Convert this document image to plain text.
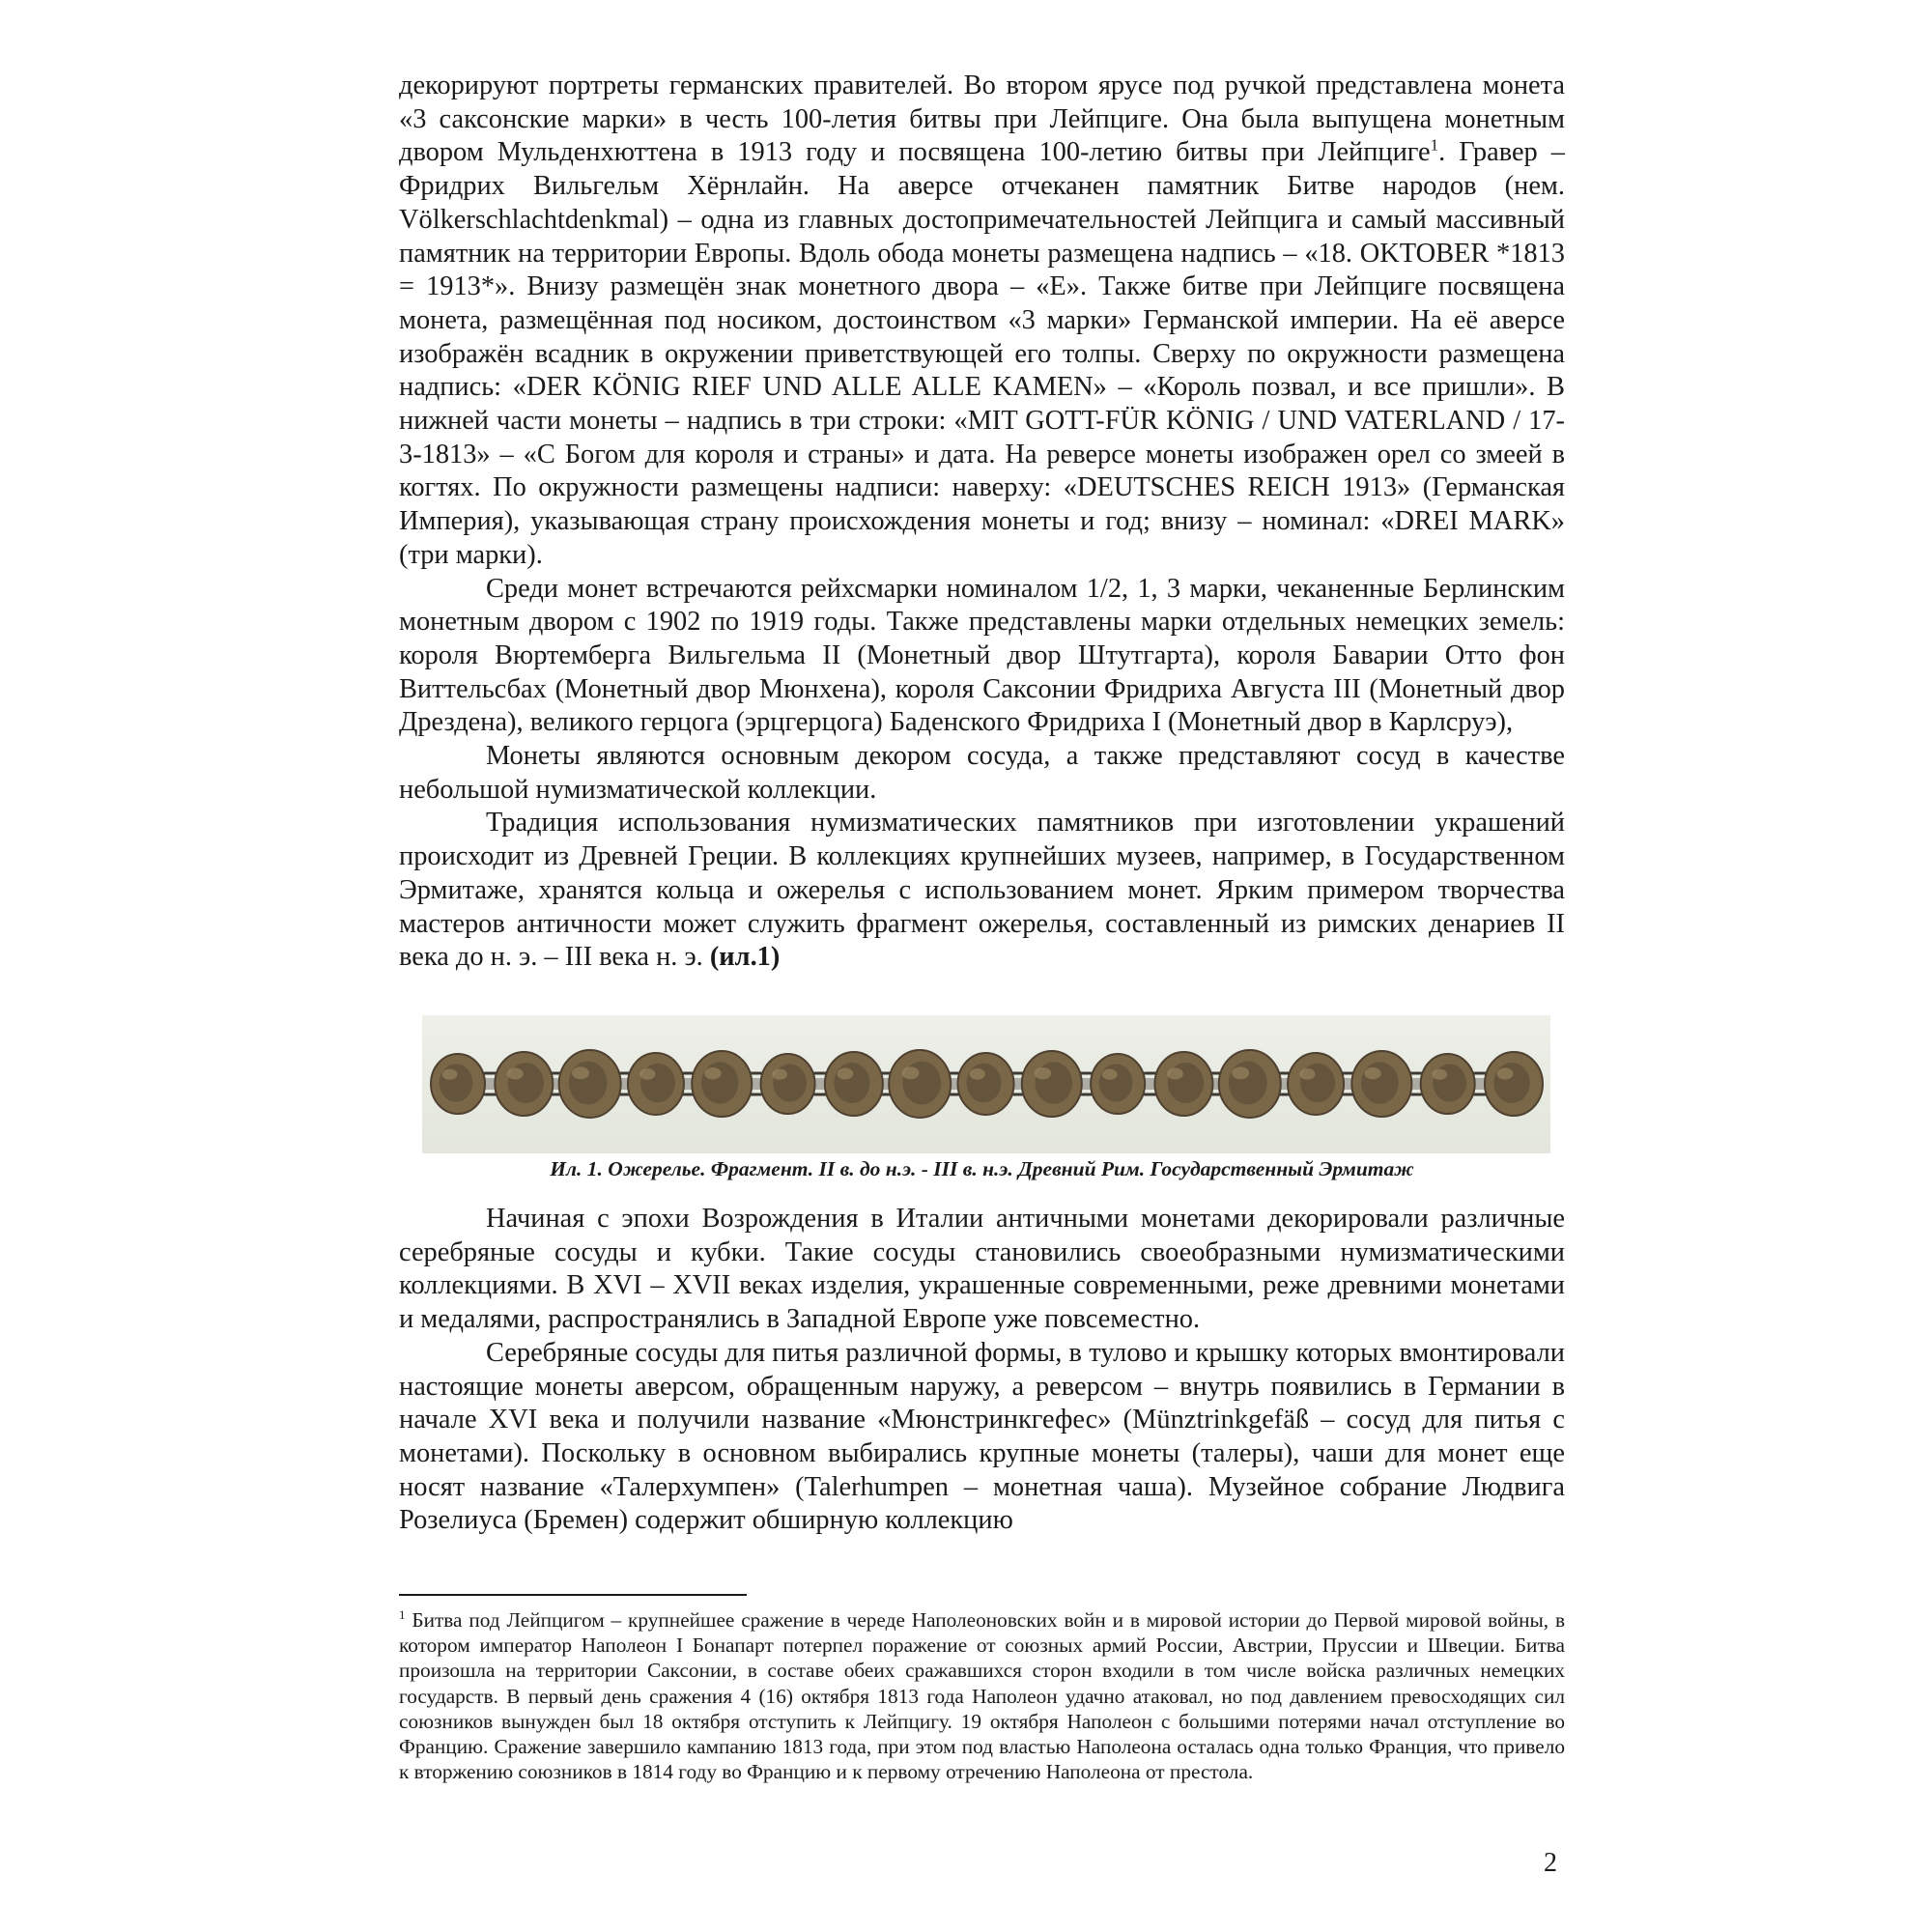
декорируют портреты германских правителей. Во втором ярусе под ручкой представлена монета «3 саксонские марки» в честь 100-летия битвы при Лейпциге. Она была выпущена монетным двором Мульденхюттена в 1913 году и посвящена 100-летию битвы при Лейпциге$^1$. Гравер – Фридрих Вильгельм Хёрнлайн. На аверсе отчеканен памятник Битве народов (нем. Völkerschlachtdenkmal) – одна из главных достопримечательностей Лейпцига и самый массивный памятник на территории Европы. Вдоль обода монеты размещена надпись – «18. OKTOBER *1813 = 1913*». Внизу размещён знак монетного двора – «Е». Также битве при Лейпциге посвящена монета, размещённая под носиком, достоинством «3 марки» Германской империи. На её аверсе изображён всадник в окружении приветствующей его толпы. Сверху по окружности размещена надпись: «DER KÖNIG RIEF UND ALLE ALLE KAMEN» – «Король позвал, и все пришли». В нижней части монеты – надпись в три строки: «MIT GOTT-FÜR KÖNIG / UND VATERLAND / 17-3-1813» – «С Богом для короля и страны» и дата. На реверсе монеты изображен орел со змеей в когтях. По окружности размещены надписи: наверху: «DEUTSCHES REICH 1913» (Германская Империя), указывающая страну происхождения монеты и год; внизу – номинал: «DREI MARK» (три марки).

Среди монет встречаются рейхсмарки номиналом 1/2, 1, 3 марки, чеканенные Берлинским монетным двором с 1902 по 1919 годы. Также представлены марки отдельных немецких земель: короля Вюртемберга Вильгельма II (Монетный двор Штутгарта), короля Баварии Отто фон Виттельсбах (Монетный двор Мюнхена), короля Саксонии Фридриха Августа III (Монетный двор Дрездена), великого герцога (эрцгерцога) Баденского Фридриха I (Монетный двор в Карлсруэ),

Монеты являются основным декором сосуда, а также представляют сосуд в качестве небольшой нумизматической коллекции.

Традиция использования нумизматических памятников при изготовлении украшений происходит из Древней Греции. В коллекциях крупнейших музеев, например, в Государственном Эрмитаже, хранятся кольца и ожерелья с использованием монет. Ярким примером творчества мастеров античности может служить фрагмент ожерелья, составленный из римских денариев II века до н. э. – III века н. э. (ил.1)

Ил. 1. Ожерелье. Фрагмент. II в. до н.э. - III в. н.э. Древний Рим. Государственный Эрмитаж

Начиная с эпохи Возрождения в Италии античными монетами декорировали различные серебряные сосуды и кубки. Такие сосуды становились своеобразными нумизматическими коллекциями. В XVI – XVII веках изделия, украшенные современными, реже древними монетами и медалями, распространялись в Западной Европе уже повсеместно.

Серебряные сосуды для питья различной формы, в тулово и крышку которых вмонтировали настоящие монеты аверсом, обращенным наружу, а реверсом – внутрь появились в Германии в начале XVI века и получили название «Мюнстринкгефес» (Münztrinkgefäß – сосуд для питья с монетами). Поскольку в основном выбирались крупные монеты (талеры), чаши для монет еще носят название «Талерхумпен» (Talerhumpen – монетная чаша). Музейное собрание Людвига Розелиуса (Бремен) содержит обширную коллекцию

$^1$ Битва под Лейпцигом – крупнейшее сражение в череде Наполеоновских войн и в мировой истории до Первой мировой войны, в котором император Наполеон I Бонапарт потерпел поражение от союзных армий России, Австрии, Пруссии и Швеции. Битва произошла на территории Саксонии, в составе обеих сражавшихся сторон входили в том числе войска различных немецких государств. В первый день сражения 4 (16) октября 1813 года Наполеон удачно атаковал, но под давлением превосходящих сил союзников вынужден был 18 октября отступить к Лейпцигу. 19 октября Наполеон с большими потерями начал отступление во Францию. Сражение завершило кампанию 1813 года, при этом под властью Наполеона осталась одна только Франция, что привело к вторжению союзников в 1814 году во Францию и к первому отречению Наполеона от престола.

2
